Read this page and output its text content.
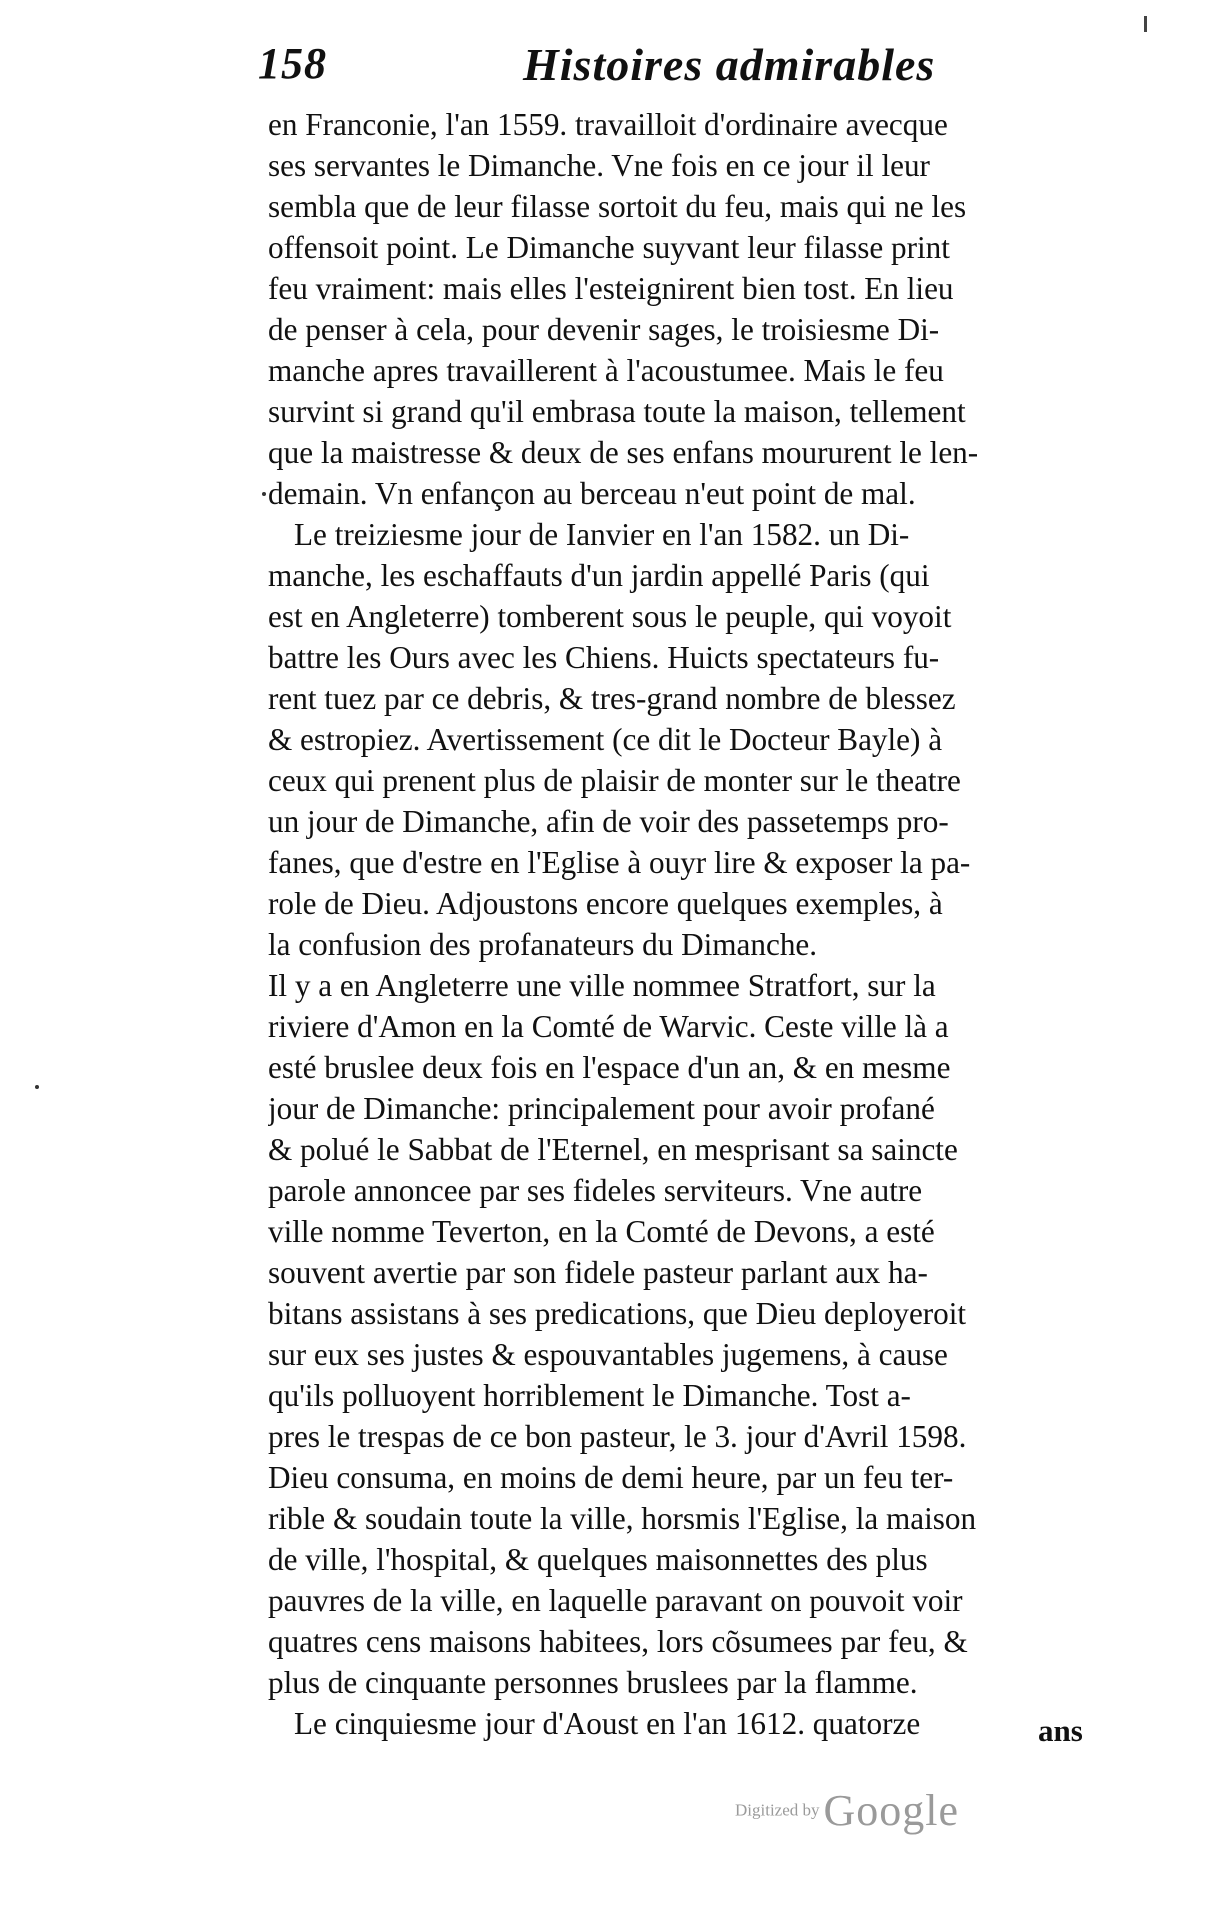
158	Histoires admirables
en Franconie, l'an 1559. travailloit d'ordinaire avecque
ses servantes le Dimanche. Vne fois en ce jour il leur
sembla que de leur filasse sortoit du feu, mais qui ne les
offensoit point. Le Dimanche suyvant leur filasse print
feu vraiment: mais elles l'esteignirent bien tost. En lieu
de penser à cela, pour devenir sages, le troisiesme Di-
manche apres travaillerent à l'acoustumee. Mais le feu
survint si grand qu'il embrasa toute la maison, tellement
que la maistresse & deux de ses enfans moururent le len-
demain. Vn enfançon au berceau n'eut point de mal.
Le treiziesme jour de Ianvier en l'an 1582. un Di-
manche, les eschaffauts d'un jardin appellé Paris (qui
est en Angleterre) tomberent sous le peuple, qui voyoit
battre les Ours avec les Chiens. Huicts spectateurs fu-
rent tuez par ce debris, & tres-grand nombre de blessez
& estropiez. Avertissement (ce dit le Docteur Bayle) à
ceux qui prenent plus de plaisir de monter sur le theatre
un jour de Dimanche, afin de voir des passetemps pro-
fanes, que d'estre en l'Eglise à ouyr lire & exposer la pa-
role de Dieu. Adjoustons encore quelques exemples, à
la confusion des profanateurs du Dimanche.
Il y a en Angleterre une ville nommee Stratfort, sur la
riviere d'Amon en la Comté de Warvic. Ceste ville là a
esté bruslee deux fois en l'espace d'un an, & en mesme
jour de Dimanche: principalement pour avoir profané
& polué le Sabbat de l'Eternel, en mesprisant sa saincte
parole annoncee par ses fideles serviteurs. Vne autre
ville nomme Teverton, en la Comté de Devons, a esté
souvent avertie par son fidele pasteur parlant aux ha-
bitans assistans à ses predications, que Dieu deployeroit
sur eux ses justes & espouvantables jugemens, à cause
qu'ils polluoyent horriblement le Dimanche. Tost a-
pres le trespas de ce bon pasteur, le 3. jour d'Avril 1598.
Dieu consuma, en moins de demi heure, par un feu ter-
rible & soudain toute la ville, horsmis l'Eglise, la maison
de ville, l'hospital, & quelques maisonnettes des plus
pauvres de la ville, en laquelle paravant on pouvoit voir
quatres cens maisons habitees, lors cõsumees par feu, &
plus de cinquante personnes bruslees par la flamme.
Le cinquiesme jour d'Aoust en l'an 1612. quatorze	ans
Digitized by Google
